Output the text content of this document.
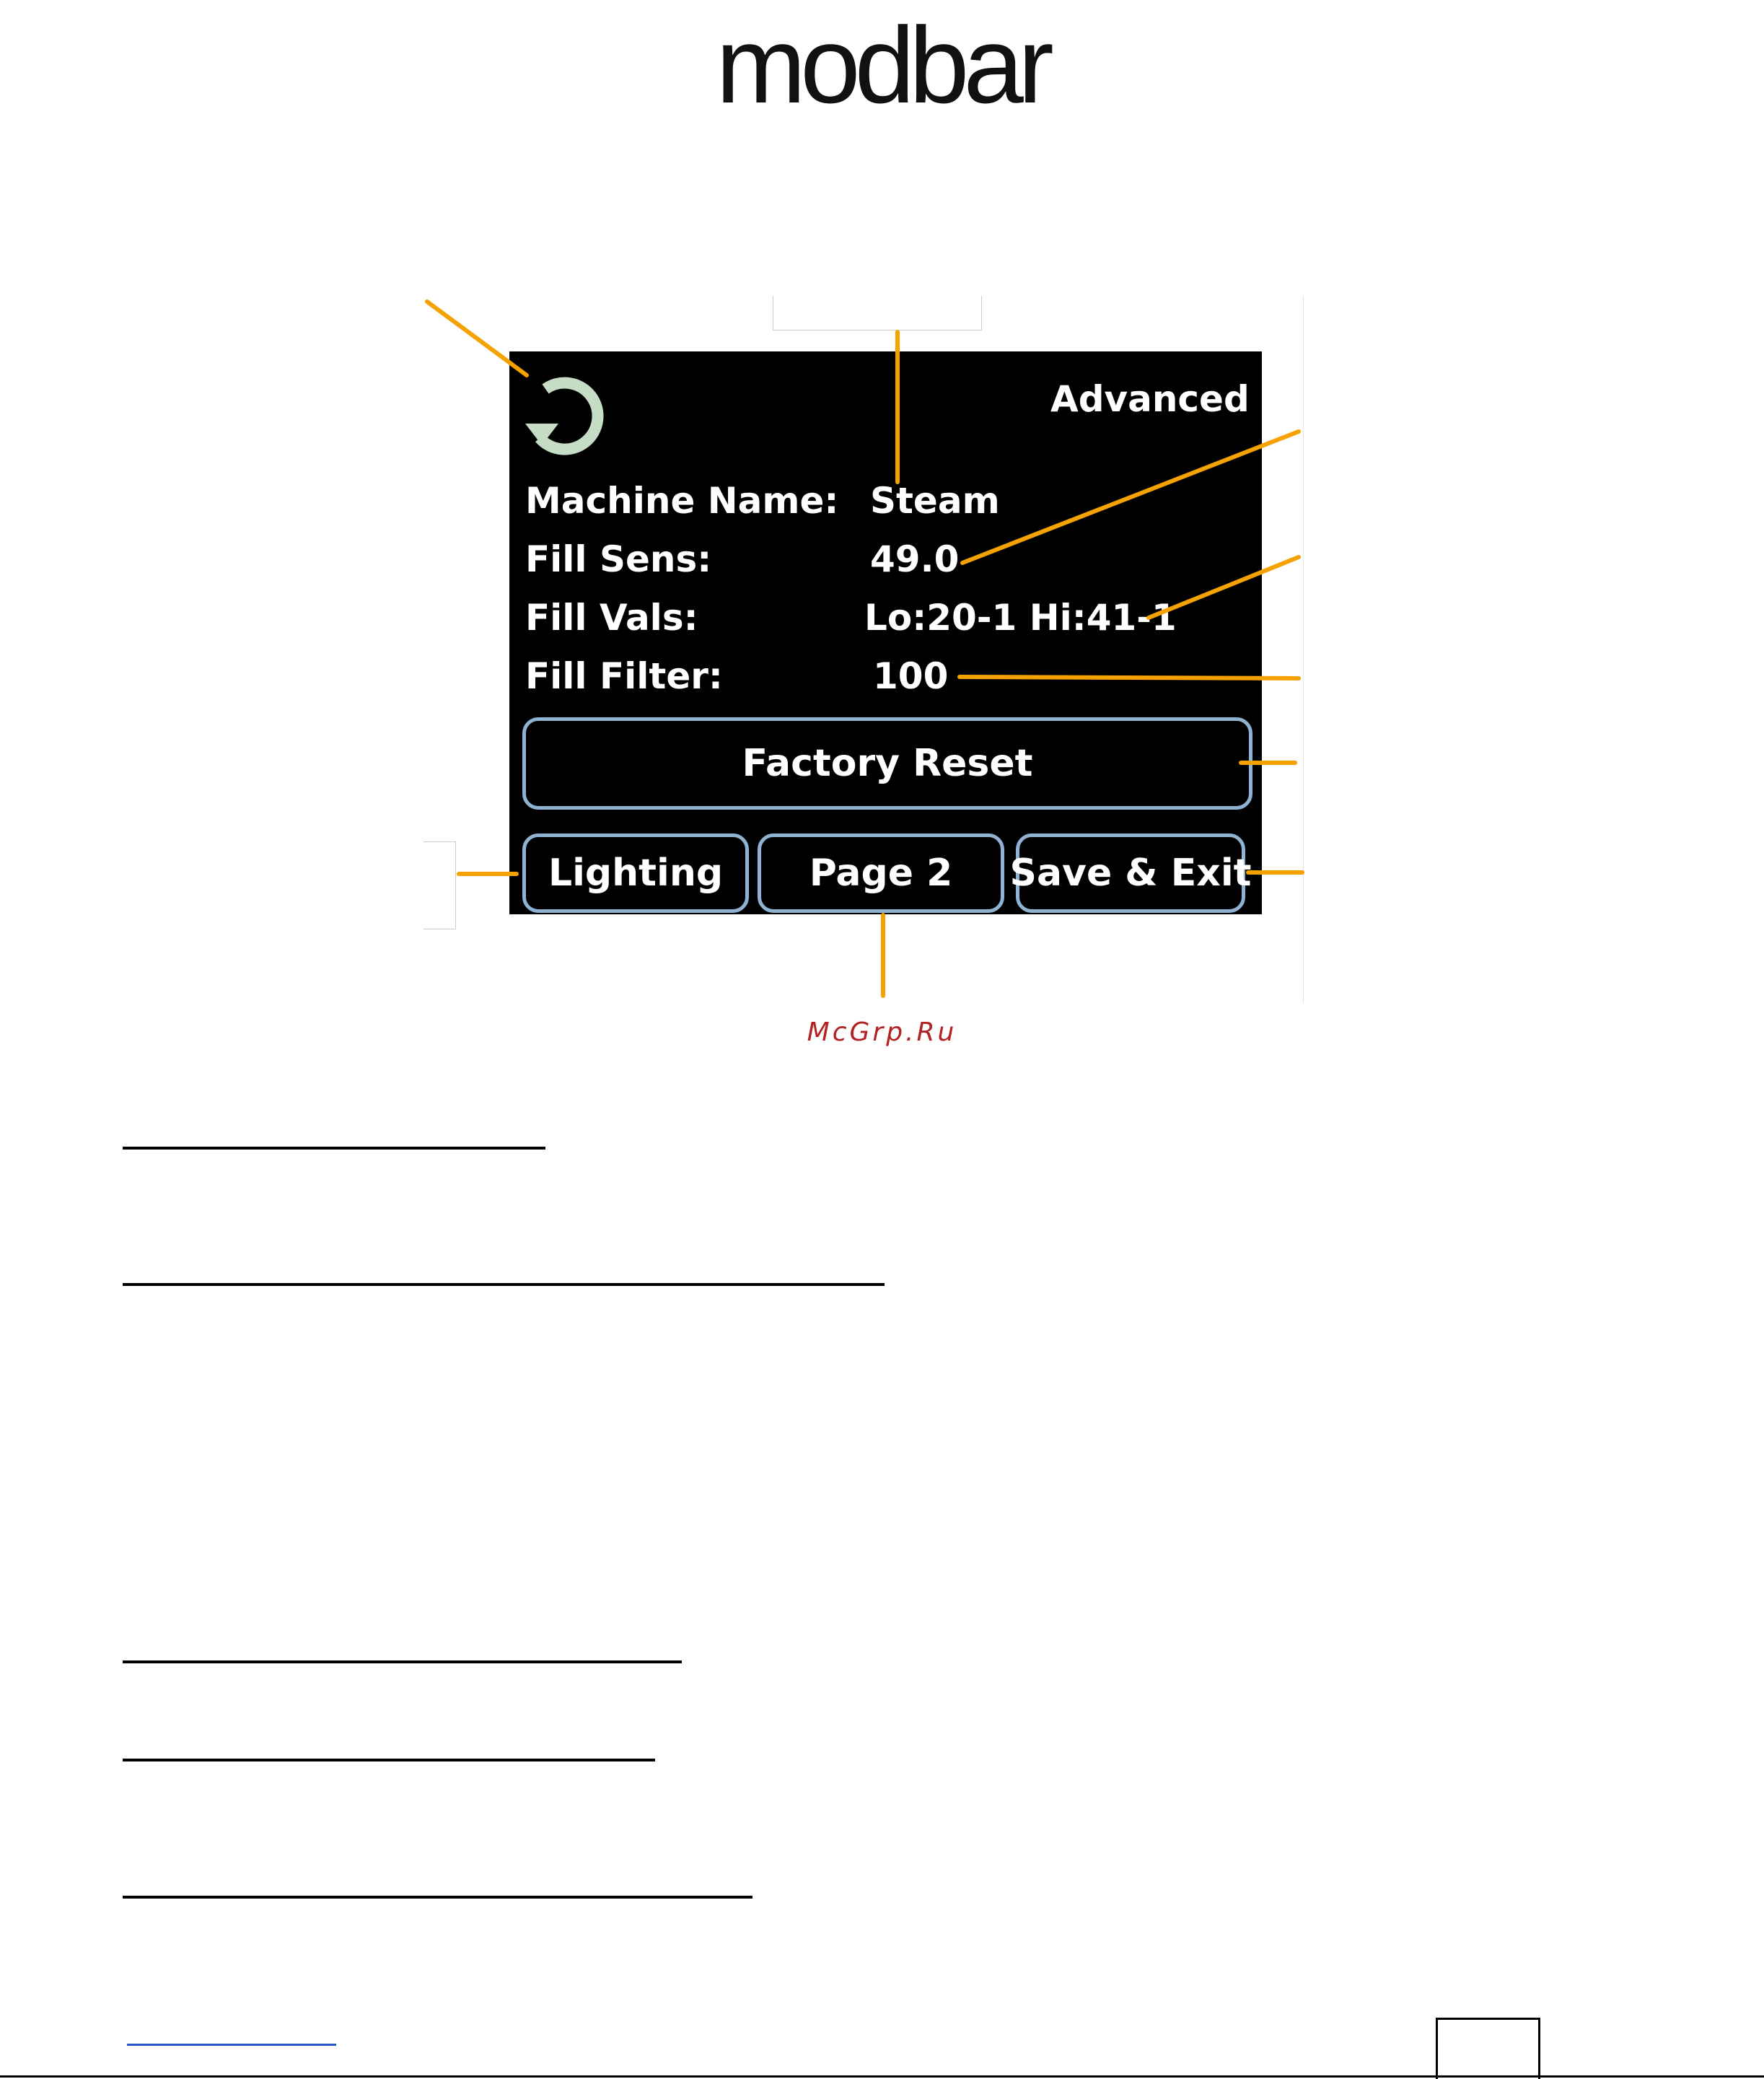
modbar
Advanced
Machine Name: Steam
Fill Sens:	49.0
Fill Vals:	Lo:20-1 Hi:41-1
Fill Filter:	100
Factory Reset
Lighting	Page 2	Save & Exit
McGrp.Ru
